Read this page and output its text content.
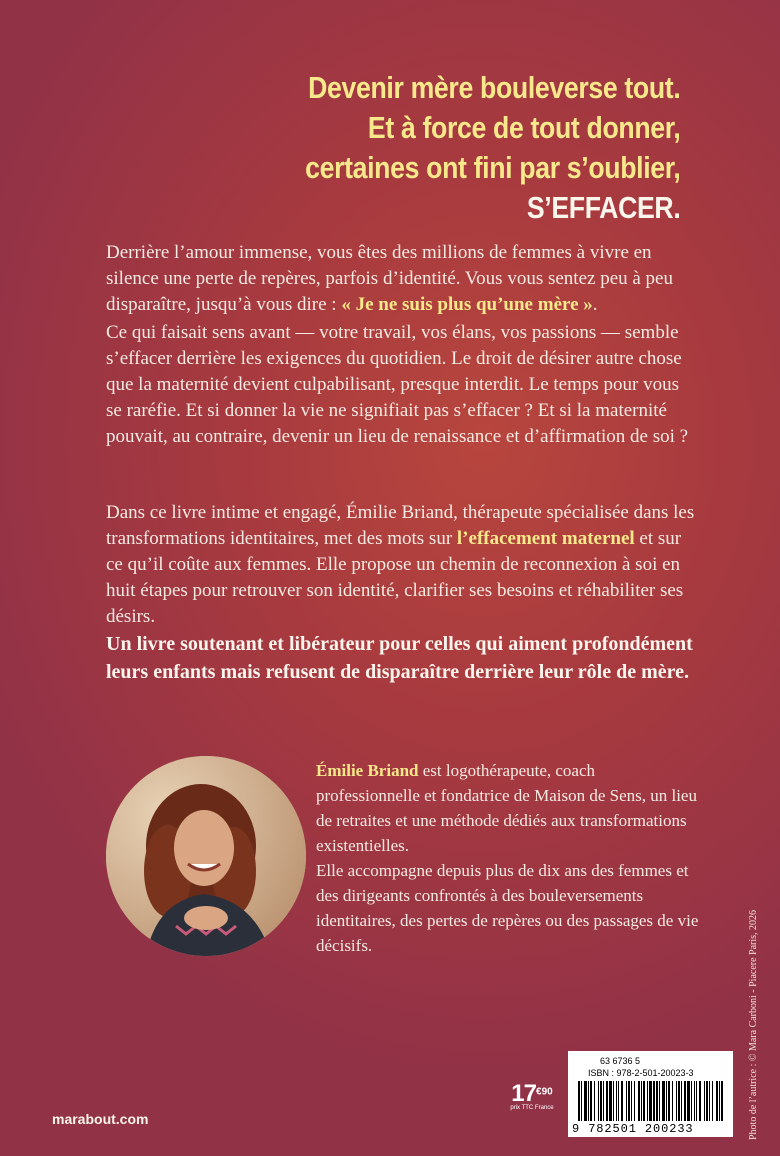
Devenir mère bouleverse tout.
Et à force de tout donner,
certaines ont fini par s’oublier,
S’EFFACER.

Derrière l’amour immense, vous êtes des millions de femmes à vivre en silence une perte de repères, parfois d’identité. Vous vous sentez peu à peu disparaître, jusqu’à vous dire : « Je ne suis plus qu’une mère ».

Ce qui faisait sens avant — votre travail, vos élans, vos passions — semble s’effacer derrière les exigences du quotidien. Le droit de désirer autre chose que la maternité devient culpabilisant, presque interdit. Le temps pour vous se raréfie. Et si donner la vie ne signifiait pas s’effacer ? Et si la maternité pouvait, au contraire, devenir un lieu de renaissance et d’affirmation de soi ?

Dans ce livre intime et engagé, Émilie Briand, thérapeute spécialisée dans les transformations identitaires, met des mots sur l’effacement maternel et sur ce qu’il coûte aux femmes. Elle propose un chemin de reconnexion à soi en huit étapes pour retrouver son identité, clarifier ses besoins et réhabiliter ses désirs.

Un livre soutenant et libérateur pour celles qui aiment profondément leurs enfants mais refusent de disparaître derrière leur rôle de mère.

Émilie Briand est logothérapeute, coach professionnelle et fondatrice de Maison de Sens, un lieu de retraites et une méthode dédiés aux transformations existentielles.

Elle accompagne depuis plus de dix ans des femmes et des dirigeants confrontés à des bouleversements identitaires, des pertes de repères ou des passages de vie décisifs.	Photo de l’autrice : © Mara Carboni - Piacere Paris, 2026
marabout.com
$17^{€90}$
prix TTC France
63 6736 5
ISBN : 978-2-501-20023-3
9 782501 200233
